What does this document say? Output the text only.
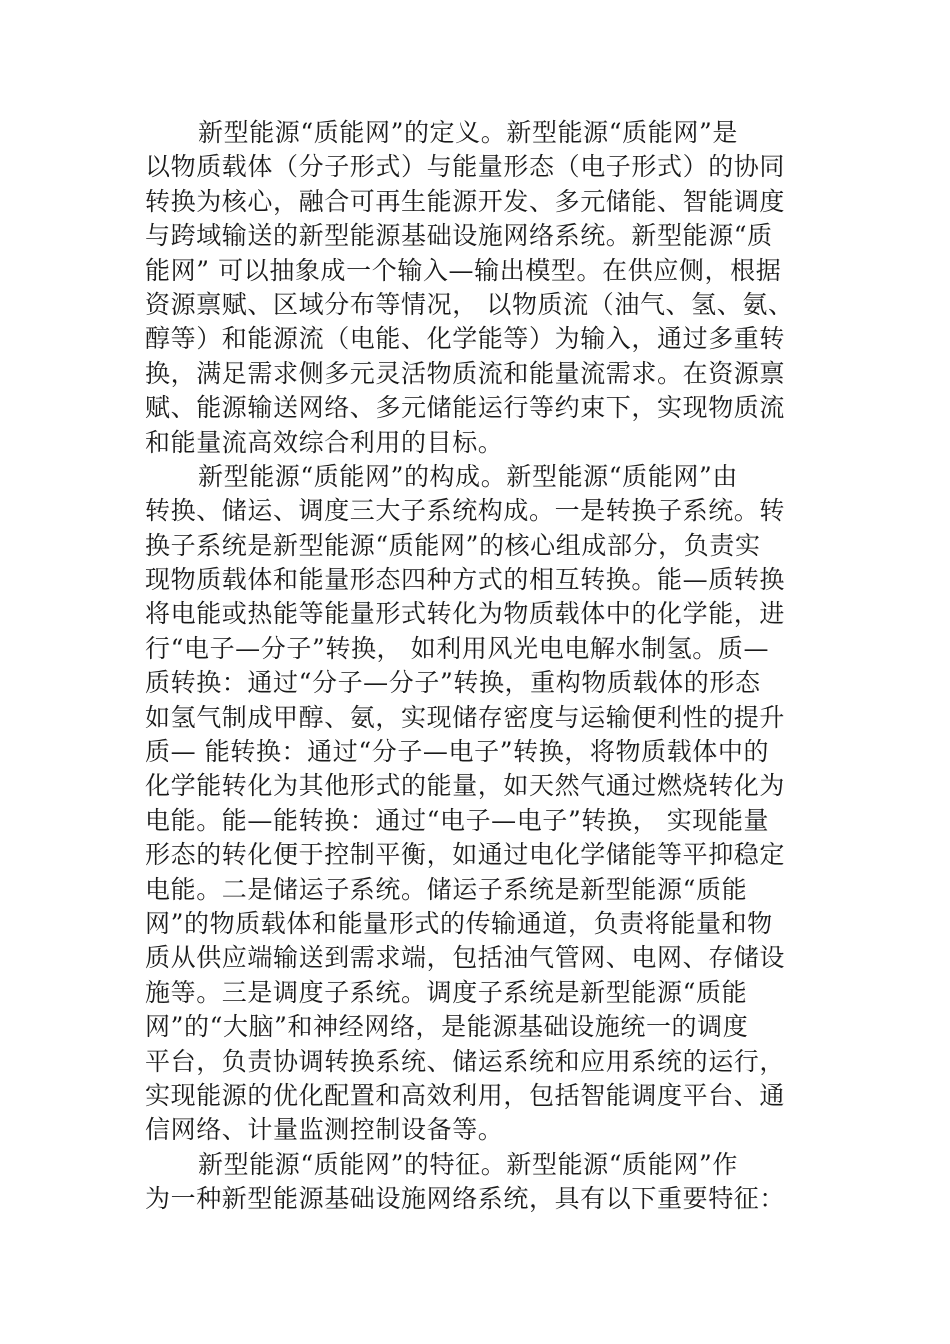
新型能源“质能网”的定义。新型能源“质能网”是
以物质载体（分子形式）与能量形态（电子形式）的协同
转换为核心，融合可再生能源开发、多元储能、智能调度
与跨域输送的新型能源基础设施网络系统。新型能源“质
能网” 可以抽象成一个输入—输出模型。在供应侧，根据
资源禀赋、区域分布等情况， 以物质流（油气、氢、氨、
醇等）和能源流（电能、化学能等）为输入，通过多重转
换，满足需求侧多元灵活物质流和能量流需求。在资源禀
赋、能源输送网络、多元储能运行等约束下，实现物质流
和能量流高效综合利用的目标。
新型能源“质能网”的构成。新型能源“质能网”由
转换、储运、调度三大子系统构成。一是转换子系统。转
换子系统是新型能源“质能网”的核心组成部分，负责实
现物质载体和能量形态四种方式的相互转换。能—质转换
将电能或热能等能量形式转化为物质载体中的化学能，进
行“电子—分子”转换， 如利用风光电电解水制氢。质—
质转换：通过“分子—分子”转换，重构物质载体的形态
如氢气制成甲醇、氨，实现储存密度与运输便利性的提升
质— 能转换：通过“分子—电子”转换，将物质载体中的
化学能转化为其他形式的能量，如天然气通过燃烧转化为
电能。能—能转换：通过“电子—电子”转换， 实现能量
形态的转化便于控制平衡，如通过电化学储能等平抑稳定
电能。二是储运子系统。储运子系统是新型能源“质能
网”的物质载体和能量形式的传输通道，负责将能量和物
质从供应端输送到需求端，包括油气管网、电网、存储设
施等。三是调度子系统。调度子系统是新型能源“质能
网”的“大脑”和神经网络，是能源基础设施统一的调度
平台，负责协调转换系统、储运系统和应用系统的运行，
实现能源的优化配置和高效利用，包括智能调度平台、通
信网络、计量监测控制设备等。
新型能源“质能网”的特征。新型能源“质能网”作
为一种新型能源基础设施网络系统，具有以下重要特征：
